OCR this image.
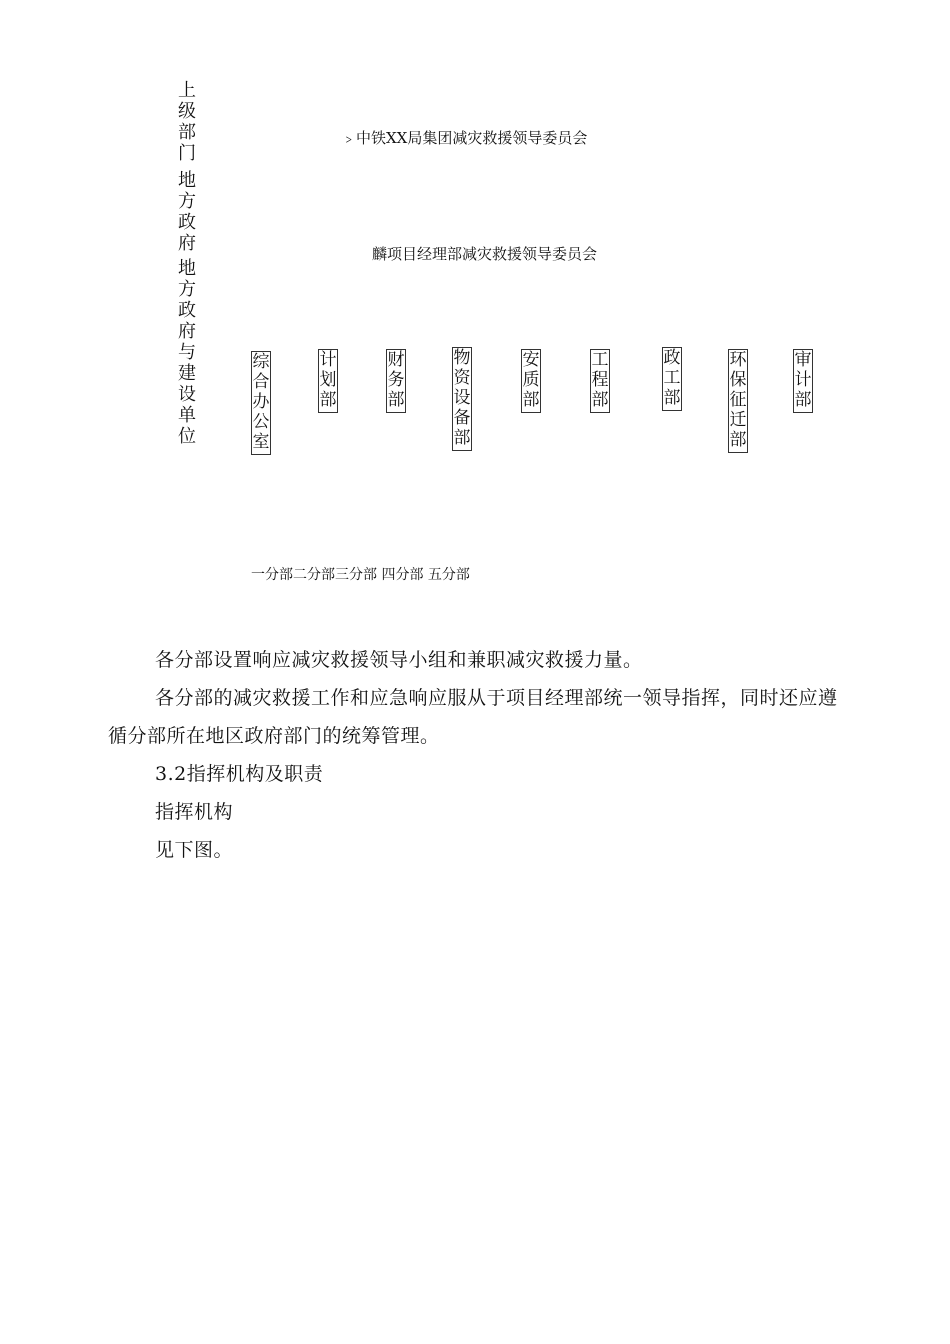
上级部门
地方政府
地方政府与建设单位
﹥中铁XX局集团减灾救援领导委员会
麟项目经理部减灾救援领导委员会
综合办公室
计划部
财务部
物资设备部
安质部
工程部
政工部
环保征迁部
审计部
一分部二分部三分部 四分部 五分部
各分部设置响应减灾救援领导小组和兼职减灾救援力量。
各分部的减灾救援工作和应急响应服从于项目经理部统一领导指挥，同时还应遵循分部所在地区政府部门的统筹管理。
3.2指挥机构及职责
指挥机构
见下图。
